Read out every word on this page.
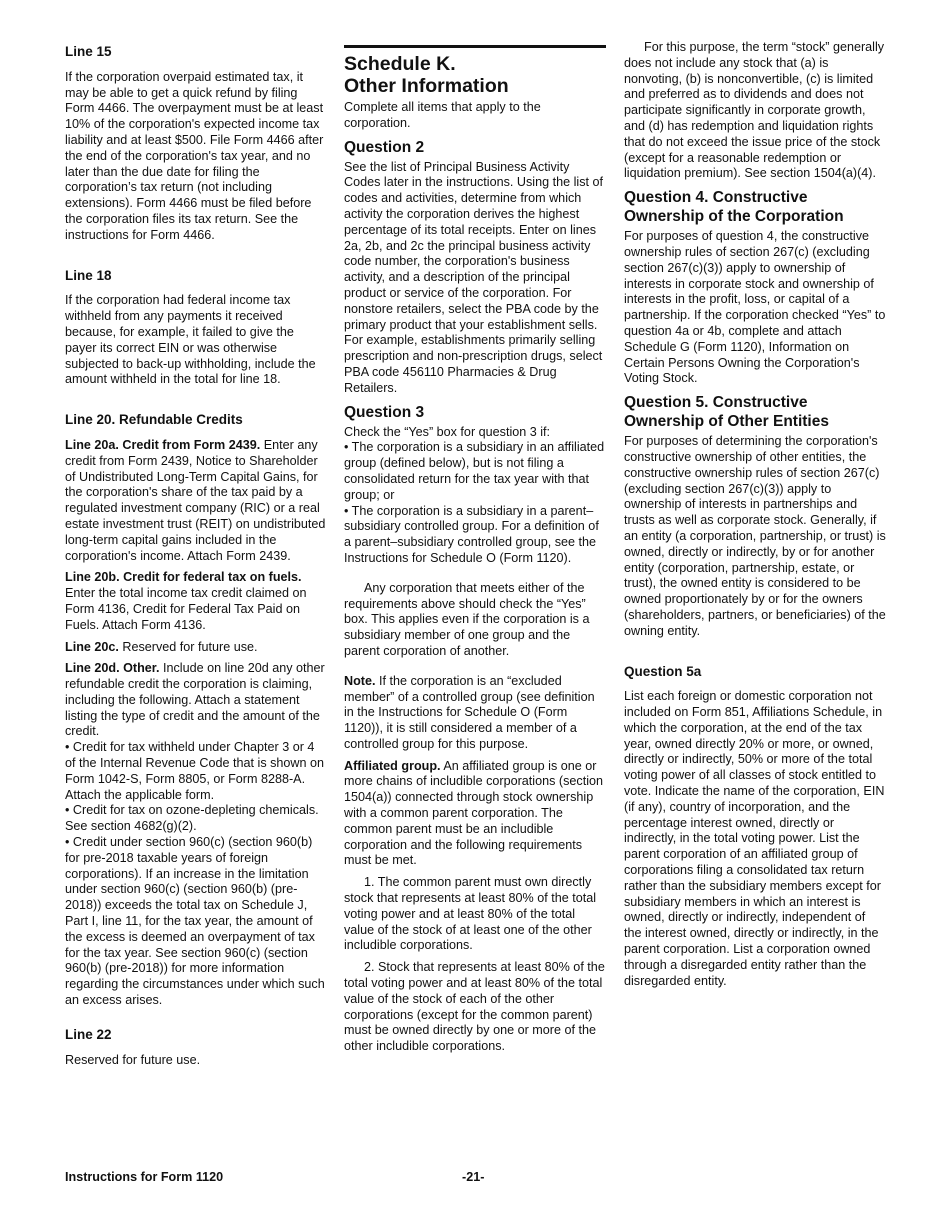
Line 15

If the corporation overpaid estimated tax, it may be able to get a quick refund by filing Form 4466. The overpayment must be at least 10% of the corporation's expected income tax liability and at least $500. File Form 4466 after the end of the corporation's tax year, and no later than the due date for filing the corporation’s tax return (not including extensions). Form 4466 must be filed before the corporation files its tax return. See the instructions for Form 4466.

Line 18

If the corporation had federal income tax withheld from any payments it received because, for example, it failed to give the payer its correct EIN or was otherwise subjected to back-up withholding, include the amount withheld in the total for line 18.

Line 20. Refundable Credits

Line 20a. Credit from Form 2439. Enter any credit from Form 2439, Notice to Shareholder of Undistributed Long-Term Capital Gains, for the corporation's share of the tax paid by a regulated investment company (RIC) or a real estate investment trust (REIT) on undistributed long-term capital gains included in the corporation's income. Attach Form 2439.

Line 20b. Credit for federal tax on fuels. Enter the total income tax credit claimed on Form 4136, Credit for Federal Tax Paid on Fuels. Attach Form 4136.

Line 20c. Reserved for future use.

Line 20d. Other. Include on line 20d any other refundable credit the corporation is claiming, including the following. Attach a statement listing the type of credit and the amount of the credit.

• Credit for tax withheld under Chapter 3 or 4 of the Internal Revenue Code that is shown on Form 1042-S, Form 8805, or Form 8288-A. Attach the applicable form.

• Credit for tax on ozone-depleting chemicals. See section 4682(g)(2).

• Credit under section 960(c) (section 960(b) for pre-2018 taxable years of foreign corporations). If an increase in the limitation under section 960(c) (section 960(b) (pre-2018)) exceeds the total tax on Schedule J, Part I, line 11, for the tax year, the amount of the excess is deemed an overpayment of tax for the tax year. See section 960(c) (section 960(b) (pre-2018)) for more information regarding the circumstances under which such an excess arises.

Line 22

Reserved for future use.

Schedule K.
Other Information

Complete all items that apply to the corporation.

Question 2

See the list of Principal Business Activity Codes later in the instructions. Using the list of codes and activities, determine from which activity the corporation derives the highest percentage of its total receipts. Enter on lines 2a, 2b, and 2c the principal business activity code number, the corporation's business activity, and a description of the principal product or service of the corporation. For nonstore retailers, select the PBA code by the primary product that your establishment sells. For example, establishments primarily selling prescription and non-prescription drugs, select PBA code 456110 Pharmacies & Drug Retailers.

Question 3

Check the “Yes” box for question 3 if:

• The corporation is a subsidiary in an affiliated group (defined below), but is not filing a consolidated return for the tax year with that group; or

• The corporation is a subsidiary in a parent–subsidiary controlled group. For a definition of a parent–subsidiary controlled group, see the Instructions for Schedule O (Form 1120).

Any corporation that meets either of the requirements above should check the “Yes” box. This applies even if the corporation is a subsidiary member of one group and the parent corporation of another.

Note. If the corporation is an “excluded member” of a controlled group (see definition in the Instructions for Schedule O (Form 1120)), it is still considered a member of a controlled group for this purpose.

Affiliated group. An affiliated group is one or more chains of includible corporations (section 1504(a)) connected through stock ownership with a common parent corporation. The common parent must be an includible corporation and the following requirements must be met.

1. The common parent must own directly stock that represents at least 80% of the total voting power and at least 80% of the total value of the stock of at least one of the other includible corporations.

2. Stock that represents at least 80% of the total voting power and at least 80% of the total value of the stock of each of the other corporations (except for the common parent) must be owned directly by one or more of the other includible corporations.

For this purpose, the term “stock” generally does not include any stock that (a) is nonvoting, (b) is nonconvertible, (c) is limited and preferred as to dividends and does not participate significantly in corporate growth, and (d) has redemption and liquidation rights that do not exceed the issue price of the stock (except for a reasonable redemption or liquidation premium). See section 1504(a)(4).

Question 4. Constructive Ownership of the Corporation

For purposes of question 4, the constructive ownership rules of section 267(c) (excluding section 267(c)(3)) apply to ownership of interests in corporate stock and ownership of interests in the profit, loss, or capital of a partnership. If the corporation checked “Yes” to question 4a or 4b, complete and attach Schedule G (Form 1120), Information on Certain Persons Owning the Corporation's Voting Stock.

Question 5. Constructive Ownership of Other Entities

For purposes of determining the corporation's constructive ownership of other entities, the constructive ownership rules of section 267(c) (excluding section 267(c)(3)) apply to ownership of interests in partnerships and trusts as well as corporate stock. Generally, if an entity (a corporation, partnership, or trust) is owned, directly or indirectly, by or for another entity (corporation, partnership, estate, or trust), the owned entity is considered to be owned proportionately by or for the owners (shareholders, partners, or beneficiaries) of the owning entity.

Question 5a

List each foreign or domestic corporation not included on Form 851, Affiliations Schedule, in which the corporation, at the end of the tax year, owned directly 20% or more, or owned, directly or indirectly, 50% or more of the total voting power of all classes of stock entitled to vote. Indicate the name of the corporation, EIN (if any), country of incorporation, and the percentage interest owned, directly or indirectly, in the total voting power. List the parent corporation of an affiliated group of corporations filing a consolidated tax return rather than the subsidiary members except for subsidiary members in which an interest is owned, directly or indirectly, independent of the interest owned, directly or indirectly, in the parent corporation. List a corporation owned through a disregarded entity rather than the disregarded entity.

Instructions for Form 1120	-21-
